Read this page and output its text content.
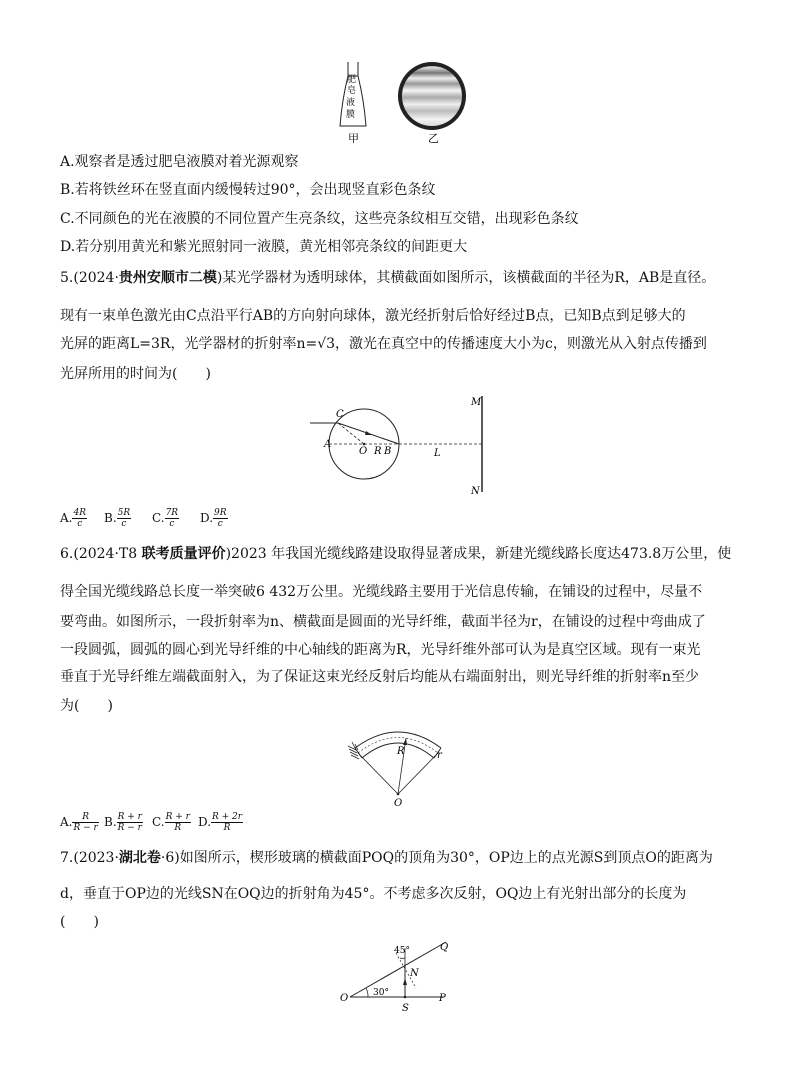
肥
皂
液
膜
甲	乙
A.观察者是透过肥皂液膜对着光源观察
B.若将铁丝环在竖直面内缓慢转过90°，会出现竖直彩色条纹
C.不同颜色的光在液膜的不同位置产生亮条纹，这些亮条纹相互交错，出现彩色条纹
D.若分别用黄光和紫光照射同一液膜，黄光相邻亮条纹的间距更大
5.(2024·贵州安顺市二模)某光学器材为透明球体，其横截面如图所示，该横截面的半径为R，AB是直径。
现有一束单色激光由C点沿平行AB的方向射向球体，激光经折射后恰好经过B点，已知B点到足够大的
光屏的距离L=3R，光学器材的折射率n=√3，激光在真空中的传播速度大小为c，则激光从入射点传播到
光屏所用的时间为(　　)
C
A
O R B	L
M
N
A. $\frac{4R}{c} B$. $\frac{5R}{c} C$. $\frac{7R}{c} D$. $\frac{9R}{c}$
6.(2024·T8 联考质量评价)2023 年我国光缆线路建设取得显著成果，新建光缆线路长度达473.8万公里，使
得全国光缆线路总长度一举突破6 432万公里。光缆线路主要用于光信息传输，在铺设的过程中，尽量不
要弯曲。如图所示，一段折射率为n、横截面是圆面的光导纤维，截面半径为r，在铺设的过程中弯曲成了
一段圆弧，圆弧的圆心到光导纤维的中心轴线的距离为R，光导纤维外部可认为是真空区域。现有一束光
垂直于光导纤维左端截面射入，为了保证这束光经反射后均能从右端面射出，则光导纤维的折射率n至少
为(　　)
R	r
O
A. $\frac{R}{R - r} B$. $\frac{R + r}{R - r} C$. $\frac{R + r}{R} D$. $\frac{R + 2r}{R}$
7.(2023·湖北卷·6)如图所示，楔形玻璃的横截面POQ的顶角为30°，OP边上的点光源S到顶点O的距离为
d，垂直于OP边的光线SN在OQ边的折射角为45°。不考虑多次反射，OQ边上有光射出部分的长度为
(　　)
45°	Q
N
O	30°
S
P
